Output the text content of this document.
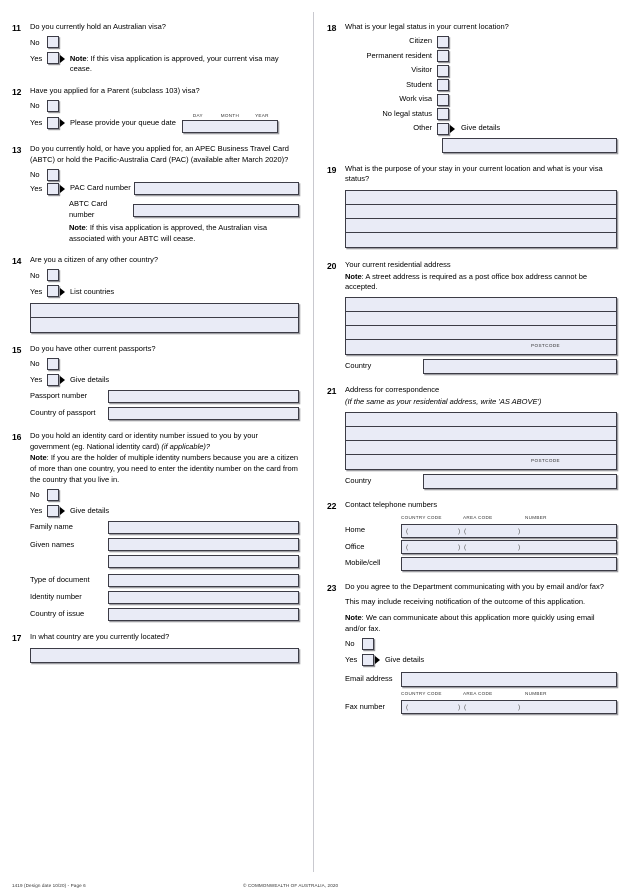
11	Do you currently hold an Australian visa?
No
Yes	Note: If this visa application is approved, your current visa may cease.
12	Have you applied for a Parent (subclass 103) visa?
No
Yes	Please provide your queue date
DAY	MONTH	YEAR
13	Do you currently hold, or have you applied for, an APEC Business Travel Card (ABTC) or hold the Pacific-Australia Card (PAC) (available after March 2020)?
No
Yes	PAC Card number
ABTC Card number
Note: If this visa application is approved, the Australian visa associated with your ABTC will cease.
14	Are you a citizen of any other country?
No
Yes	List countries
15	Do you have other current passports?
No
Yes	Give details
Passport number
Country of passport
16	Do you hold an identity card or identity number issued to you by your government (eg. National identity card) (if applicable)?
Note: If you are the holder of multiple identity numbers because you are a citizen of more than one country, you need to enter the identity number on the card from the country that you live in.
No
Yes	Give details
Family name
Given names
Type of document
Identity number
Country of issue
17	In what country are you currently located?
18	What is your legal status in your current location?
Citizen
Permanent resident
Visitor
Student
Work visa
No legal status
Other	Give details
19	What is the purpose of your stay in your current location and what is your visa status?
20	Your current residential address
Note: A street address is required as a post office box address cannot be accepted.
POSTCODE
Country
21	Address for correspondence
(If the same as your residential address, write 'AS ABOVE')
POSTCODE
Country
22	Contact telephone numbers
COUNTRY CODE	AREA CODE	NUMBER
Home	(	) (	)
Office	(	) (	)
Mobile/cell
23	Do you agree to the Department communicating with you by email and/or fax?
This may include receiving notification of the outcome of this application.
Note: We can communicate about this application more quickly using email and/or fax.
No
Yes	Give details
Email address
COUNTRY CODE	AREA CODE	NUMBER
Fax number	(	) (	)
1419 (Design date 10/20) - Page 6	© COMMONWEALTH OF AUSTRALIA, 2020
